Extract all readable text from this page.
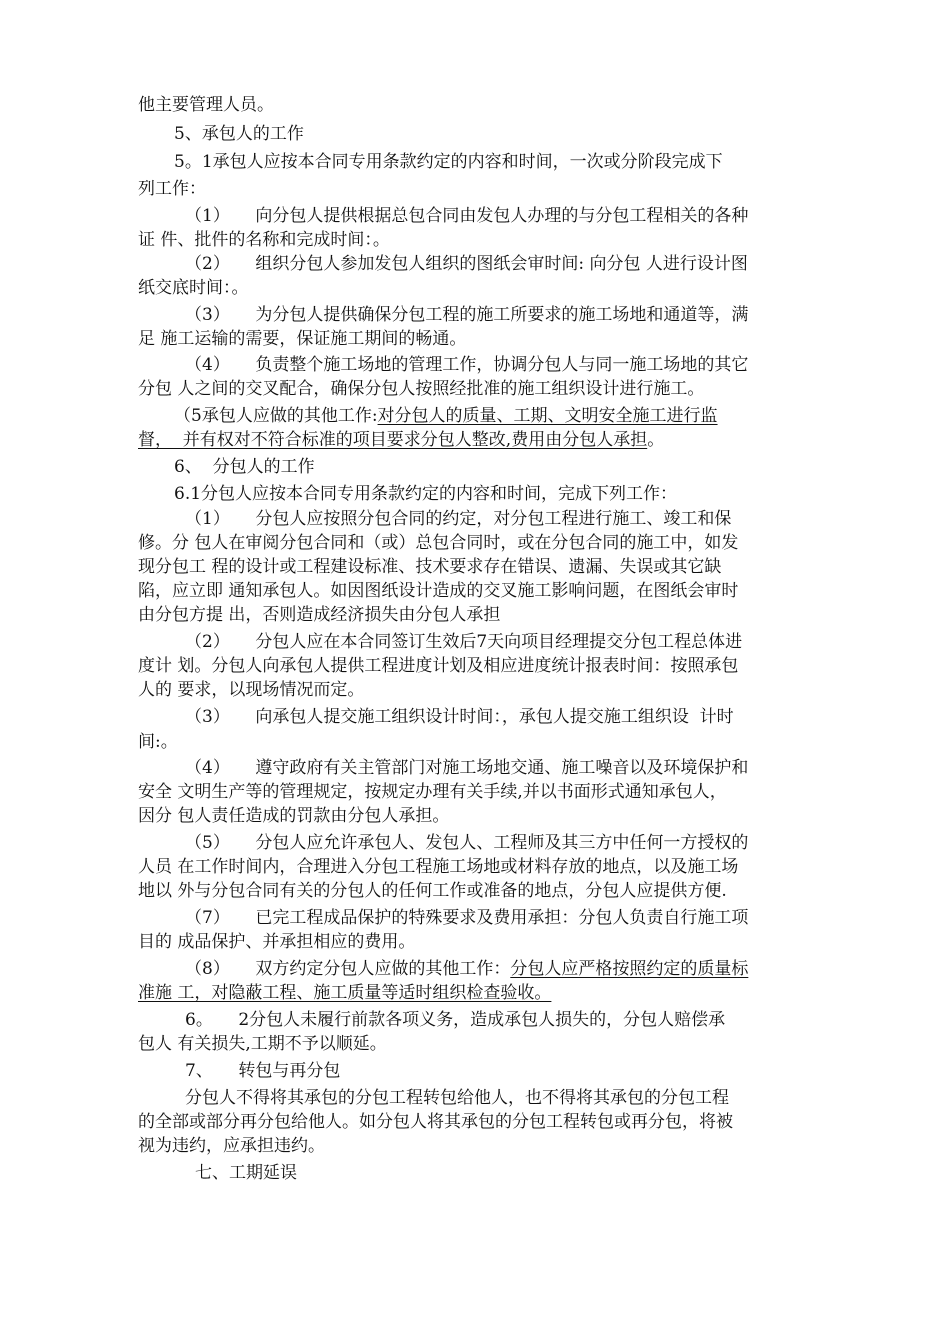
他主要管理人员。
5、承包人的工作
5。1承包人应按本合同专用条款约定的内容和时间，一次或分阶段完成下
列工作：
（1）　　向分包人提供根据总包合同由发包人办理的与分包工程相关的各种
证 件、批件的名称和完成时间：。
（2）　　组织分包人参加发包人组织的图纸会审时间: 向分包 人进行设计图
纸交底时间：。
（3）　　为分包人提供确保分包工程的施工所要求的施工场地和通道等，满
足 施工运输的需要，保证施工期间的畅通。
（4）　　负责整个施工场地的管理工作，协调分包人与同一施工场地的其它
分包 人之间的交叉配合，确保分包人按照经批准的施工组织设计进行施工。
（5承包人应做的其他工作:对分包人的质量、工期、文明安全施工进行监
督，  并有权对不符合标准的项目要求分包人整改,费用由分包人承担。
6、  分包人的工作
6.1分包人应按本合同专用条款约定的内容和时间，完成下列工作：
（1）　　分包人应按照分包合同的约定，对分包工程进行施工、竣工和保
修。分 包人在审阅分包合同和（或）总包合同时，或在分包合同的施工中，如发
现分包工 程的设计或工程建设标准、技术要求存在错误、遗漏、失误或其它缺
陷，应立即 通知承包人。如因图纸设计造成的交叉施工影响问题，在图纸会审时
由分包方提 出，否则造成经济损失由分包人承担
（2）　　分包人应在本合同签订生效后7天向项目经理提交分包工程总体进
度计 划。分包人向承包人提供工程进度计划及相应进度统计报表时间：按照承包
人的 要求，以现场情况而定。
（3）　　向承包人提交施工组织设计时间：，承包人提交施工组织设  计时
间:。
（4）　　遵守政府有关主管部门对施工场地交通、施工噪音以及环境保护和
安全 文明生产等的管理规定，按规定办理有关手续,并以书面形式通知承包人，
因分 包人责任造成的罚款由分包人承担。
（5）　　分包人应允许承包人、发包人、工程师及其三方中任何一方授权的
人员 在工作时间内，合理进入分包工程施工场地或材料存放的地点，以及施工场
地以 外与分包合同有关的分包人的任何工作或准备的地点，分包人应提供方便.
（7）　　已完工程成品保护的特殊要求及费用承担：分包人负责自行施工项
目的 成品保护、并承担相应的费用。
（8）　　双方约定分包人应做的其他工作：分包人应严格按照约定的质量标
准施 工，对隐蔽工程、施工质量等适时组织检查验收。
6。　　2分包人未履行前款各项义务，造成承包人损失的，分包人赔偿承
包人 有关损失,工期不予以顺延。
7、　　转包与再分包
分包人不得将其承包的分包工程转包给他人，也不得将其承包的分包工程
的全部或部分再分包给他人。如分包人将其承包的分包工程转包或再分包，将被
视为违约，应承担违约。
七、工期延误
